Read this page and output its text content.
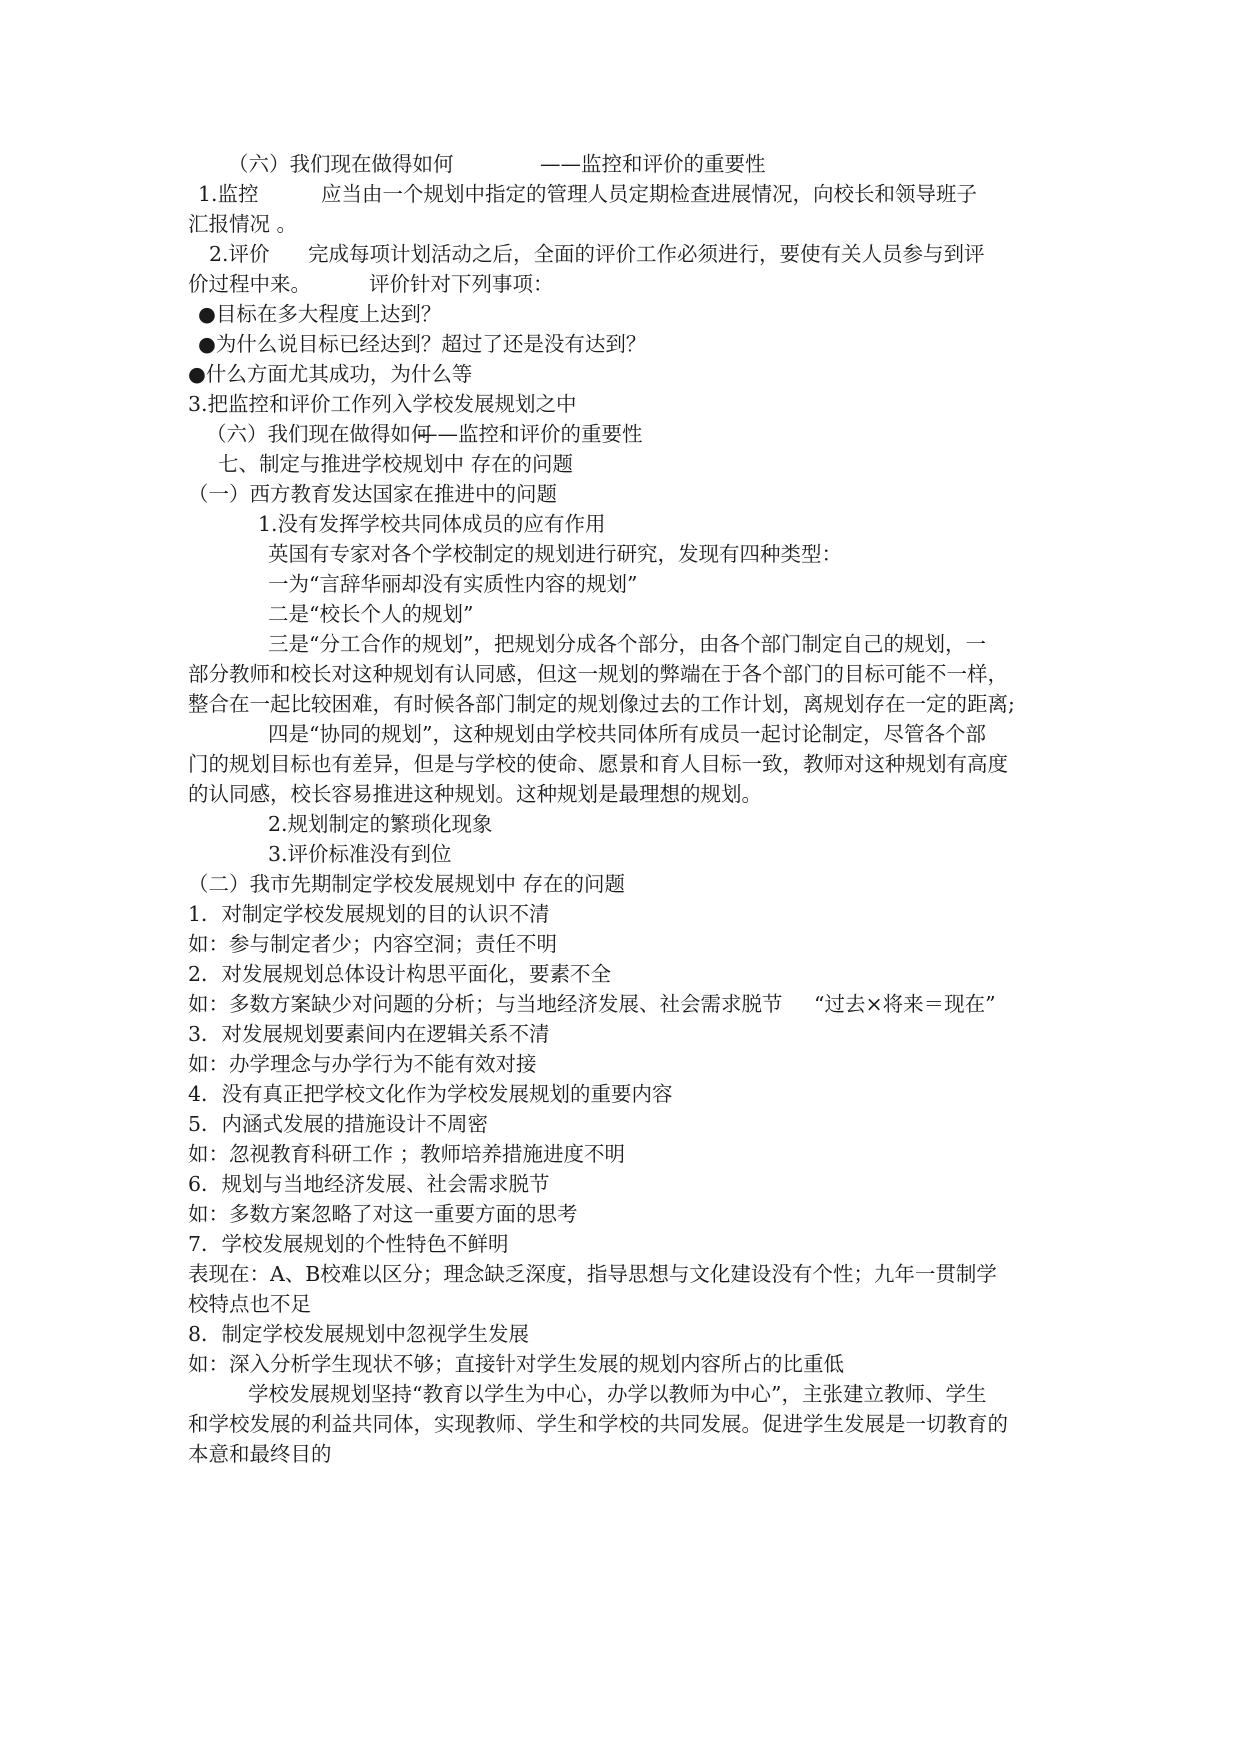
（六）我们现在做得如何	——监控和评价的重要性
1.监控	应当由一个规划中指定的管理人员定期检查进展情况，向校长和领导班子
汇报情况 。
2.评价 完成每项计划活动之后，全面的评价工作必须进行，要使有关人员参与到评
价过程中来。	评价针对下列事项：
●目标在多大程度上达到？
●为什么说目标已经达到？超过了还是没有达到？
●什么方面尤其成功，为什么等
3.把监控和评价工作列入学校发展规划之中
（六）我们现在做得如何
——监控和评价的重要性
七、制定与推进学校规划中 存在的问题
（一）西方教育发达国家在推进中的问题
1.没有发挥学校共同体成员的应有作用
英国有专家对各个学校制定的规划进行研究，发现有四种类型：
一为“言辞华丽却没有实质性内容的规划”
二是“校长个人的规划”
三是“分工合作的规划”，把规划分成各个部分，由各个部门制定自己的规划，一
部分教师和校长对这种规划有认同感，但这一规划的弊端在于各个部门的目标可能不一样，
整合在一起比较困难，有时候各部门制定的规划像过去的工作计划，离规划存在一定的距离;
四是“协同的规划”，这种规划由学校共同体所有成员一起讨论制定，尽管各个部
门的规划目标也有差异，但是与学校的使命、愿景和育人目标一致，教师对这种规划有高度
的认同感，校长容易推进这种规划。这种规划是最理想的规划。
2.规划制定的繁琐化现象
3.评价标准没有到位
（二）我市先期制定学校发展规划中 存在的问题
1．对制定学校发展规划的目的认识不清
如：参与制定者少；内容空洞；责任不明
2．对发展规划总体设计构思平面化，要素不全
如：多数方案缺少对问题的分析；与当地经济发展、社会需求脱节 “过去×将来＝现在”
3．对发展规划要素间内在逻辑关系不清
如：办学理念与办学行为不能有效对接
4．没有真正把学校文化作为学校发展规划的重要内容
5．内涵式发展的措施设计不周密
如：忽视教育科研工作 ；教师培养措施进度不明
6．规划与当地经济发展、社会需求脱节
如：多数方案忽略了对这一重要方面的思考
7．学校发展规划的个性特色不鲜明
表现在：A、B校难以区分；理念缺乏深度，指导思想与文化建设没有个性；九年一贯制学
校特点也不足
8．制定学校发展规划中忽视学生发展
如：深入分析学生现状不够；直接针对学生发展的规划内容所占的比重低
学校发展规划坚持“教育以学生为中心，办学以教师为中心”，主张建立教师、学生
和学校发展的利益共同体，实现教师、学生和学校的共同发展。促进学生发展是一切教育的
本意和最终目的
